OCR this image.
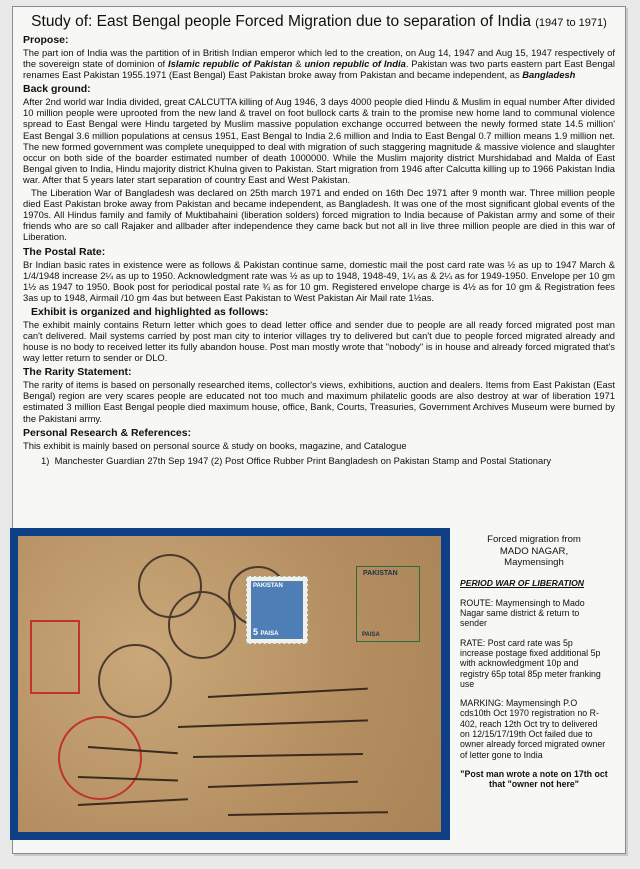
Study of: East Bengal people Forced Migration due to separation of India (1947 to 1971)
Propose:

The part ion of India was the partition of in British Indian emperor which led to the creation, on Aug 14, 1947 and Aug 15, 1947 respectively of the sovereign state of dominion of Islamic republic of Pakistan & union republic of India. Pakistan was two parts eastern part East Bengal renames East Pakistan 1955.1971 (East Bengal) East Pakistan broke away from Pakistan and became independent, as Bangladesh

Back ground:

After 2nd world war India divided, great CALCUTTA killing of Aug 1946, 3 days 4000 people died Hindu & Muslim in equal number After divided 10 million people were uprooted from the new land & travel on foot bullock carts & train to the promise new home land to communal violence spread to East Bengal were Hindu targeted by Muslim massive population exchange occurred between the newly formed state 14.5 million' East Bengal 3.6 million populations at census 1951, East Bengal to India 2.6 million and India to East Bengal 0.7 million means 1.9 million net. The new formed government was complete unequipped to deal with migration of such staggering magnitude & massive violence and slaughter occur on both side of the boarder estimated number of death 1000000. While the Muslim majority district Murshidabad and Malda of East Bengal given to India, Hindu majority district Khulna given to Pakistan. Start migration from 1946 after Calcutta killing up to 1966 Pakistan India war. After that 5 years later start separation of country East and West Pakistan.

The Liberation War of Bangladesh was declared on 25th march 1971 and ended on 16th Dec 1971 after 9 month war. Three million people died East Pakistan broke away from Pakistan and became independent, as Bangladesh. It was one of the most significant global events of the 1970s. All Hindus family and family of Muktibahaini (liberation solders) forced migration to India because of Pakistan army and some of their friends who are so call Rajaker and allbader after independence they came back but not all in live three million people are died in this war of Liberation.

The Postal Rate:

Br Indian basic rates in existence were as follows & Pakistan continue same, domestic mail the post card rate was ½ as up to 1947 March & 1/4/1948 increase 2¼ as up to 1950. Acknowledgment rate was ½ as up to 1948, 1948-49, 1¼ as & 2¼ as for 1949-1950. Envelope per 10 gm 1½ as 1947 to 1950. Book post for periodical postal rate ¾ as for 10 gm. Registered envelope charge is 4½ as for 10 gm & Registration fees 3as up to 1948, Airmail /10 gm 4as but between East Pakistan to West Pakistan Air Mail rate 1½as.

Exhibit is organized and highlighted as follows:

The exhibit mainly contains Return letter which goes to dead letter office and sender due to people are all ready forced migrated post man can't delivered. Mail systems carried by post man city to interior villages try to delivered but can't due to people forced migrated already and house is no body to received letter its fully abandon house. Post man mostly wrote that "nobody" is in house and already forced migrated that's way letter return to sender or DLO.

The Rarity Statement:

The rarity of items is based on personally researched items, collector's views, exhibitions, auction and dealers. Items from East Pakistan (East Bengal) region are very scares people are educated not too much and maximum philatelic goods are also destroy at war of liberation 1971 estimated 3 million East Bengal people died maximum house, office, Bank, Courts, Treasuries, Government Archives Museum were burned by the Pakistani army.

Personal Research & References:
This exhibit is mainly based on personal source & study on books, magazine, and Catalogue
1) Manchester Guardian 27th Sep 1947 (2) Post Office Rubber Print Bangladesh on Pakistan Stamp and Postal Stationary
PAKISTAN
5 PAISA
PAKISTAN
PAISA
Forced migration from
MADO NAGAR,
Maymensingh
PERIOD WAR OF LIBERATION

ROUTE: Maymensingh to Mado Nagar same district & return to sender

RATE: Post card rate was 5p increase postage fixed additional 5p with acknowledgment 10p and registry 65p total 85p meter franking use

MARKING: Maymensingh P.O cds10th Oct 1970 registration no R-402, reach 12th Oct try to delivered on 12/15/17/19th Oct failed due to owner already forced migrated owner of letter gone to India

"Post man wrote a note on 17th oct that "owner not here"
